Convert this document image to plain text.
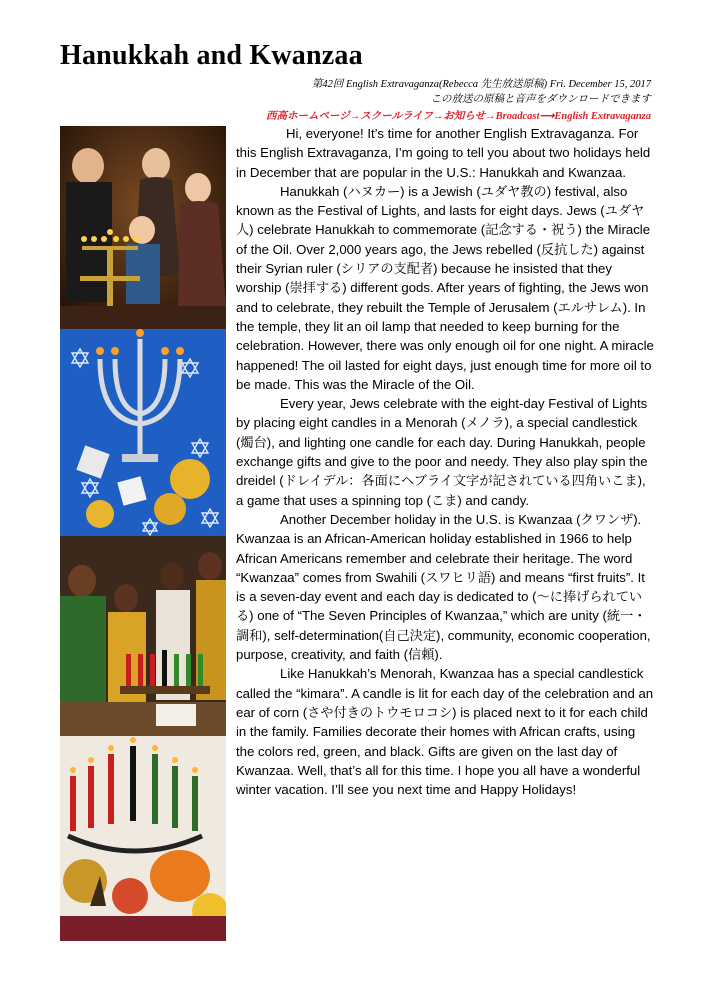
Hanukkah and Kwanzaa
第42回 English Extravaganza(Rebecca 先生放送原稿) Fri. December 15, 2017
この放送の原稿と音声をダウンロードできます
西高ホームページ→スクールライフ→お知らせ→Broadcast⟶English Extravaganza

Hi, everyone! It’s time for another English Extravaganza. For this English Extravaganza, I’m going to tell you about two holidays held in December that are popular in the U.S.: Hanukkah and Kwanzaa.

Hanukkah (ハヌカー) is a Jewish (ユダヤ教の) festival, also known as the Festival of Lights, and lasts for eight days. Jews (ユダヤ人) celebrate Hanukkah to commemorate (記念する・祝う) the Miracle of the Oil. Over 2,000 years ago, the Jews rebelled (反抗した) against their Syrian ruler (シリアの支配者) because he insisted that they worship (崇拝する) different gods. After years of fighting, the Jews won and to celebrate, they rebuilt the Temple of Jerusalem (エルサレム). In the temple, they lit an oil lamp that needed to keep burning for the celebration. However, there was only enough oil for one night. A miracle happened! The oil lasted for eight days, just enough time for more oil to be made. This was the Miracle of the Oil.

Every year, Jews celebrate with the eight-day Festival of Lights by placing eight candles in a Menorah (メノラ), a special candlestick (燭台), and lighting one candle for each day. During Hanukkah, people exchange gifts and give to the poor and needy. They also play spin the dreidel (ドレイデル：各面にヘブライ文字が記されている四角いこま), a game that uses a spinning top (こま) and candy.

Another December holiday in the U.S. is Kwanzaa (クワンザ). Kwanzaa is an African-American holiday established in 1966 to help African Americans remember and celebrate their heritage. The word “Kwanzaa” comes from Swahili (スワヒリ語) and means “first fruits”. It is a seven-day event and each day is dedicated to (〜に捧げられている) one of “The Seven Principles of Kwanzaa,” which are unity (統一・調和), self-determination(自己決定), community, economic cooperation, purpose, creativity, and faith (信頼).

Like Hanukkah’s Menorah, Kwanzaa has a special candlestick called the “kimara”. A candle is lit for each day of the celebration and an ear of corn (さや付きのトウモロコシ) is placed next to it for each child in the family. Families decorate their homes with African crafts, using the colors red, green, and black. Gifts are given on the last day of Kwanzaa. Well, that’s all for this time. I hope you all have a wonderful winter vacation. I’ll see you next time and Happy Holidays!
